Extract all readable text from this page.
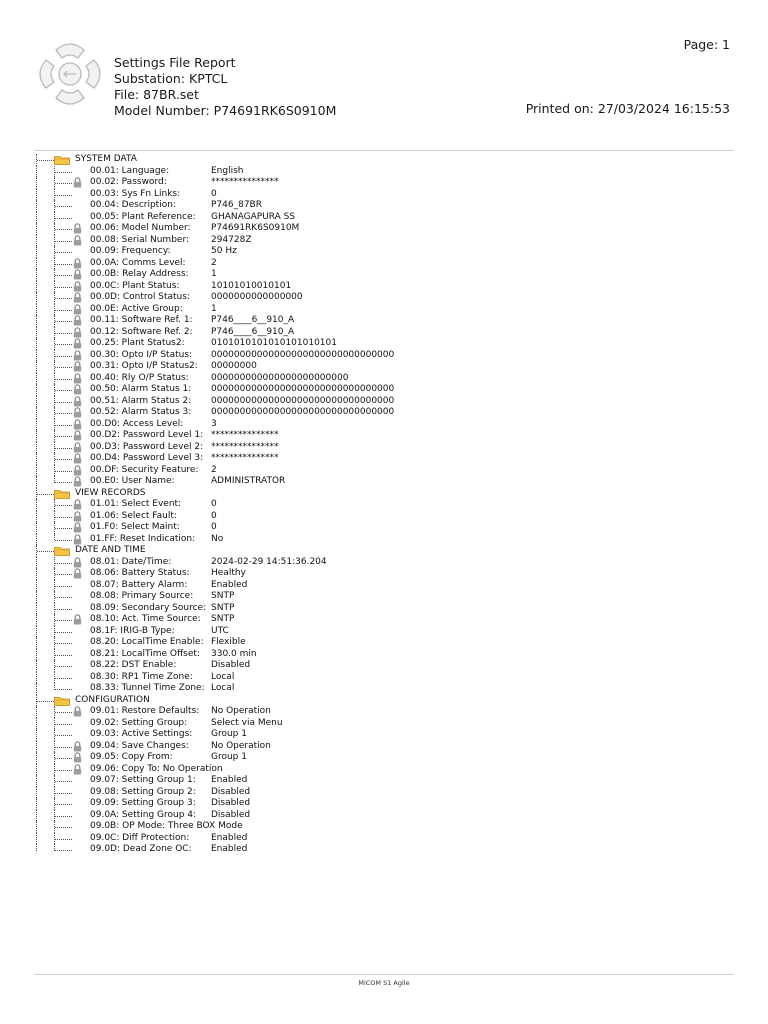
Settings File Report
Substation: KPTCL
File: 87BR.set
Model Number: P74691RK6S0910M
Page: 1
Printed on: 27/03/2024 16:15:53
SYSTEM DATA
00.01: Language:	English
00.02: Password:	***************
00.03: Sys Fn Links:	0
00.04: Description:	P746_87BR
00.05: Plant Reference: GHANAGAPURA SS
00.06: Model Number: P74691RK6S0910M
00.08: Serial Number: 294728Z
00.09: Frequency:	50 Hz
00.0A: Comms Level:	2
00.0B: Relay Address: 1
00.0C: Plant Status:	10101010010101
00.0D: Control Status: 0000000000000000
00.0E: Active Group:	1
00.11: Software Ref. 1: P746____6__910_A
00.12: Software Ref. 2: P746____6__910_A
00.25: Plant Status2:	0101010101010101010101
00.30: Opto I/P Status: 00000000000000000000000000000000
00.31: Opto I/P Status2: 00000000
00.40: Rly O/P Status: 000000000000000000000000
00.50: Alarm Status 1: 00000000000000000000000000000000
00.51: Alarm Status 2: 00000000000000000000000000000000
00.52: Alarm Status 3: 00000000000000000000000000000000
00.D0: Access Level:	3
00.D2: Password Level 1: ***************
00.D3: Password Level 2: ***************
00.D4: Password Level 3: ***************
00.DF: Security Feature: 2
00.E0: User Name:	ADMINISTRATOR
VIEW RECORDS
01.01: Select Event:	0
01.06: Select Fault:	0
01.F0: Select Maint:	0
01.FF: Reset Indication: No
DATE AND TIME
08.01: Date/Time:	2024-02-29 14:51:36.204
08.06: Battery Status: Healthy
08.07: Battery Alarm:	Enabled
08.08: Primary Source: SNTP
08.09: Secondary Source: SNTP
08.10: Act. Time Source: SNTP
08.1F: IRIG-B Type:	UTC
08.20: LocalTime Enable: Flexible
08.21: LocalTime Offset: 330.0 min
08.22: DST Enable:	Disabled
08.30: RP1 Time Zone: Local
08.33: Tunnel Time Zone: Local
CONFIGURATION
09.01: Restore Defaults: No Operation
09.02: Setting Group:	Select via Menu
09.03: Active Settings: Group 1
09.04: Save Changes: No Operation
09.05: Copy From:	Group 1
09.06: Copy To: No Operation
09.07: Setting Group 1: Enabled
09.08: Setting Group 2: Disabled
09.09: Setting Group 3: Disabled
09.0A: Setting Group 4: Disabled
09.0B: OP Mode: Three BOX Mode
09.0C: Diff Protection: Enabled
09.0D: Dead Zone OC: Enabled
MiCOM S1 Agile
